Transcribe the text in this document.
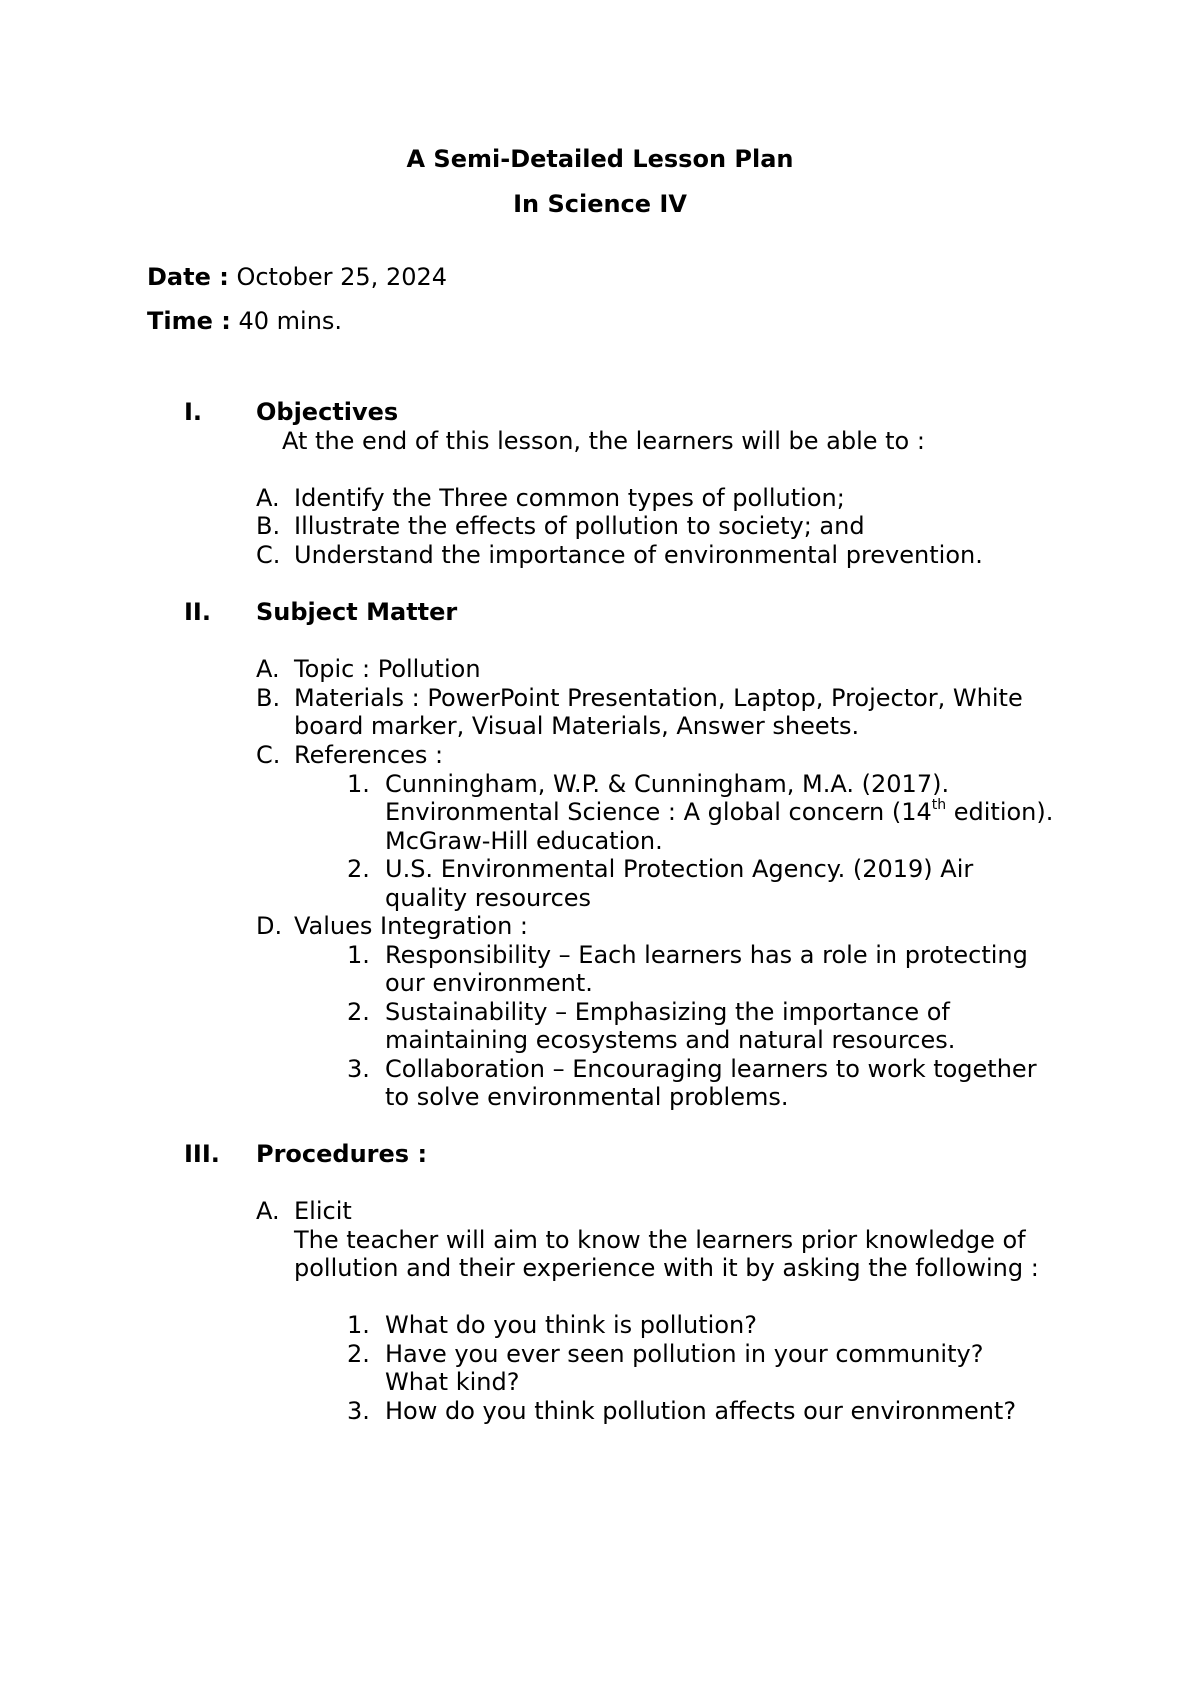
A Semi-Detailed Lesson Plan
In Science IV
Date : October 25, 2024
Time : 40 mins.
I. Objectives
At the end of this lesson, the learners will be able to :
A. Identify the Three common types of pollution;
B. Illustrate the effects of pollution to society; and
C. Understand the importance of environmental prevention.
II. Subject Matter
A. Topic : Pollution
B. Materials : PowerPoint Presentation, Laptop, Projector, White
board marker, Visual Materials, Answer sheets.
C. References :
1. Cunningham, W.P. & Cunningham, M.A. (2017).
Environmental Science : A global concern (14th edition).
McGraw-Hill education.
2. U.S. Environmental Protection Agency. (2019) Air
quality resources
D. Values Integration :
1. Responsibility – Each learners has a role in protecting
our environment.
2. Sustainability – Emphasizing the importance of
maintaining ecosystems and natural resources.
3. Collaboration – Encouraging learners to work together
to solve environmental problems.
III. Procedures :
A. Elicit
The teacher will aim to know the learners prior knowledge of
pollution and their experience with it by asking the following :
1. What do you think is pollution?
2. Have you ever seen pollution in your community?
What kind?
3. How do you think pollution affects our environment?
